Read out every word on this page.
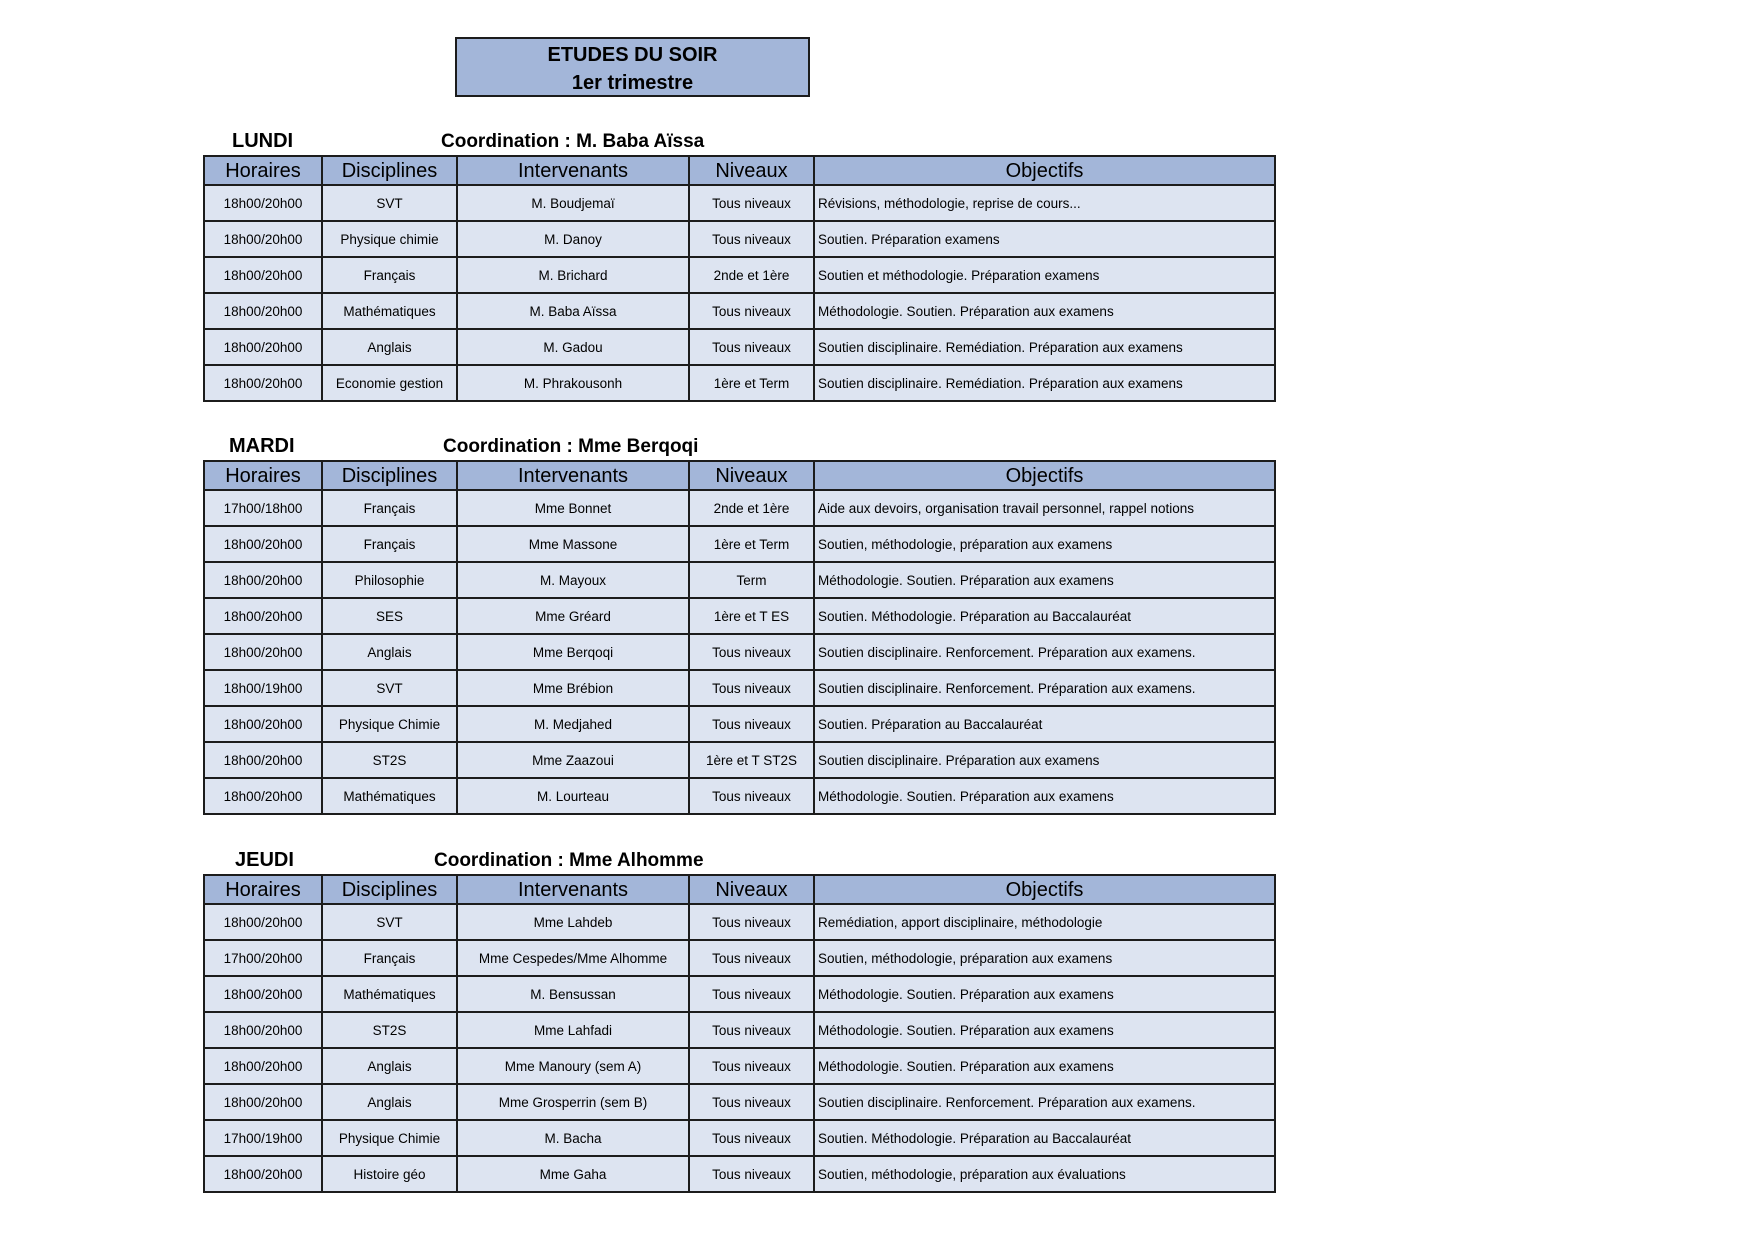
ETUDES DU SOIR
1er trimestre
LUNDI	Coordination : M. Baba Aïssa
Horaires	Disciplines	Intervenants	Niveaux	Objectifs
18h00/20h00	SVT	M. Boudjemaï	Tous niveaux	Révisions, méthodologie, reprise de cours...
18h00/20h00	Physique chimie	M. Danoy	Tous niveaux	Soutien. Préparation examens
18h00/20h00	Français	M. Brichard	2nde et 1ère	Soutien et méthodologie. Préparation examens
18h00/20h00	Mathématiques	M. Baba Aïssa	Tous niveaux	Méthodologie. Soutien. Préparation aux examens
18h00/20h00	Anglais	M. Gadou	Tous niveaux	Soutien disciplinaire. Remédiation. Préparation aux examens
18h00/20h00	Economie gestion	M. Phrakousonh	1ère et Term	Soutien disciplinaire. Remédiation. Préparation aux examens
MARDI	Coordination : Mme Berqoqi
Horaires	Disciplines	Intervenants	Niveaux	Objectifs
17h00/18h00	Français	Mme Bonnet	2nde et 1ère	Aide aux devoirs, organisation travail personnel, rappel notions
18h00/20h00	Français	Mme Massone	1ère et Term	Soutien, méthodologie, préparation aux examens
18h00/20h00	Philosophie	M. Mayoux	Term	Méthodologie. Soutien. Préparation aux examens
18h00/20h00	SES	Mme Gréard	1ère et T ES	Soutien. Méthodologie. Préparation au Baccalauréat
18h00/20h00	Anglais	Mme Berqoqi	Tous niveaux	Soutien disciplinaire. Renforcement. Préparation aux examens.
18h00/19h00	SVT	Mme Brébion	Tous niveaux	Soutien disciplinaire. Renforcement. Préparation aux examens.
18h00/20h00	Physique Chimie	M. Medjahed	Tous niveaux	Soutien. Préparation au Baccalauréat
18h00/20h00	ST2S	Mme Zaazoui	1ère et T ST2S	Soutien disciplinaire. Préparation aux examens
18h00/20h00	Mathématiques	M. Lourteau	Tous niveaux	Méthodologie. Soutien. Préparation aux examens
JEUDI	Coordination : Mme Alhomme
Horaires	Disciplines	Intervenants	Niveaux	Objectifs
18h00/20h00	SVT	Mme Lahdeb	Tous niveaux	Remédiation, apport disciplinaire, méthodologie
17h00/20h00	Français	Mme Cespedes/Mme Alhomme	Tous niveaux	Soutien, méthodologie, préparation aux examens
18h00/20h00	Mathématiques	M. Bensussan	Tous niveaux	Méthodologie. Soutien. Préparation aux examens
18h00/20h00	ST2S	Mme Lahfadi	Tous niveaux	Méthodologie. Soutien. Préparation aux examens
18h00/20h00	Anglais	Mme Manoury (sem A)	Tous niveaux	Méthodologie. Soutien. Préparation aux examens
18h00/20h00	Anglais	Mme Grosperrin (sem B)	Tous niveaux	Soutien disciplinaire. Renforcement. Préparation aux examens.
17h00/19h00	Physique Chimie	M. Bacha	Tous niveaux	Soutien. Méthodologie. Préparation au Baccalauréat
18h00/20h00	Histoire géo	Mme Gaha	Tous niveaux	Soutien, méthodologie, préparation aux évaluations
